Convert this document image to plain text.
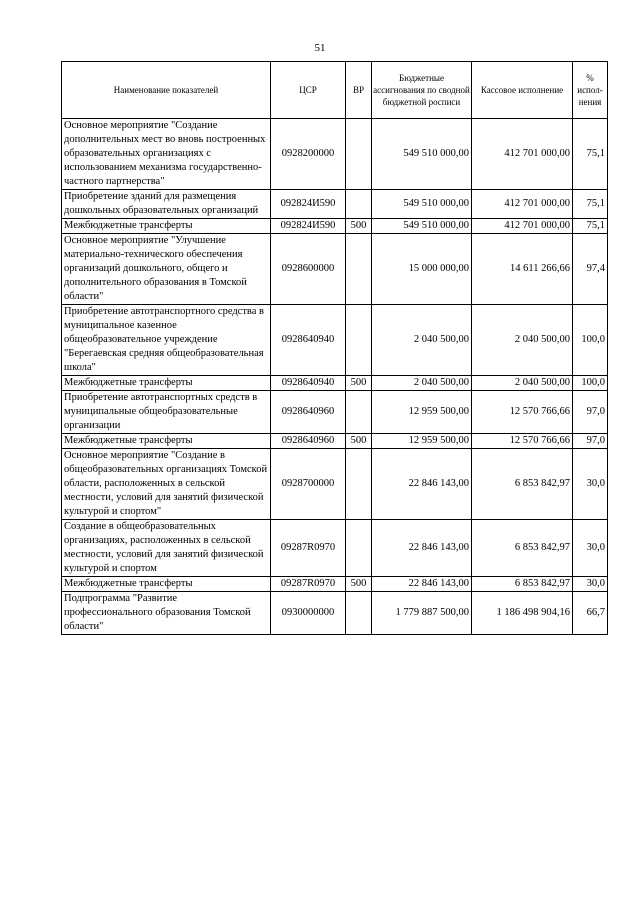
51
Наименование показателей	ЦСР	ВР	Бюджетные ассигнования по сводной бюджетной росписи	Кассовое исполнение	% испол-нения
Основное мероприятие "Создание дополнительных мест во вновь построенных образовательных организациях с использованием механизма государственно-частного партнерства"	0928200000		549 510 000,00	412 701 000,00	75,1
Приобретение зданий для размещения дошкольных образовательных организаций	092824И590		549 510 000,00	412 701 000,00	75,1
Межбюджетные трансферты	092824И590	500	549 510 000,00	412 701 000,00	75,1
Основное мероприятие "Улучшение материально-технического обеспечения организаций дошкольного, общего и дополнительного образования в Томской области"	0928600000		15 000 000,00	14 611 266,66	97,4
Приобретение автотранспортного средства в муниципальное казенное общеобразовательное учреждение "Берегаевская средняя общеобразовательная школа"	0928640940		2 040 500,00	2 040 500,00	100,0
Межбюджетные трансферты	0928640940	500	2 040 500,00	2 040 500,00	100,0
Приобретение автотранспортных средств в муниципальные общеобразовательные организации	0928640960		12 959 500,00	12 570 766,66	97,0
Межбюджетные трансферты	0928640960	500	12 959 500,00	12 570 766,66	97,0
Основное мероприятие "Создание в общеобразовательных организациях Томской области, расположенных в сельской местности, условий для занятий физической культурой и спортом"	0928700000		22 846 143,00	6 853 842,97	30,0
Создание в общеобразовательных организациях, расположенных в сельской местности, условий для занятий физической культурой и спортом	09287R0970		22 846 143,00	6 853 842,97	30,0
Межбюджетные трансферты	09287R0970	500	22 846 143,00	6 853 842,97	30,0
Подпрограмма "Развитие профессионального образования Томской области"	0930000000		1 779 887 500,00	1 186 498 904,16	66,7
